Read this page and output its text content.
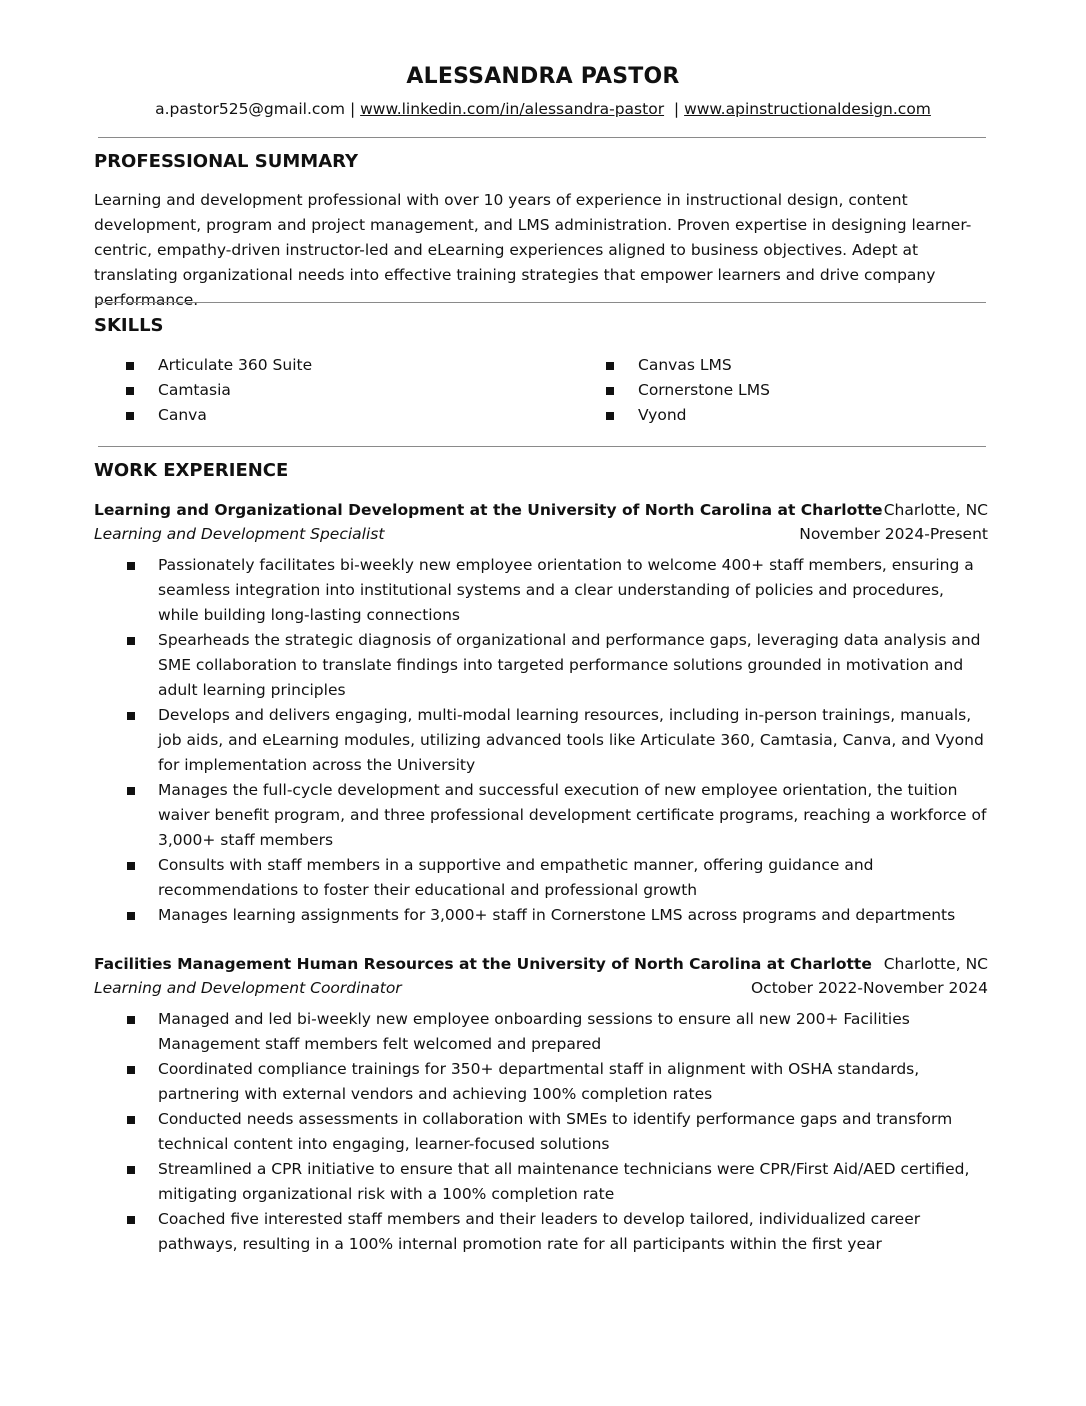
ALESSANDRA PASTOR
a.pastor525@gmail.com | www.linkedin.com/in/alessandra-pastor  | www.apinstructionaldesign.com
PROFESSIONAL SUMMARY
Learning and development professional with over 10 years of experience in instructional design, content development, program and project management, and LMS administration. Proven expertise in designing learner-centric, empathy-driven instructor-led and eLearning experiences aligned to business objectives. Adept at translating organizational needs into effective training strategies that empower learners and drive company performance.
SKILLS
Articulate 360 Suite
Camtasia
Canva
Canvas LMS
Cornerstone LMS
Vyond
WORK EXPERIENCE
Learning and Organizational Development at the University of North Carolina at Charlotte Charlotte, NC
Learning and Development Specialist	November 2024-Present
Passionately facilitates bi-weekly new employee orientation to welcome 400+ staff members, ensuring a seamless integration into institutional systems and a clear understanding of policies and procedures, while building long-lasting connections
Spearheads the strategic diagnosis of organizational and performance gaps, leveraging data analysis and SME collaboration to translate findings into targeted performance solutions grounded in motivation and adult learning principles
Develops and delivers engaging, multi-modal learning resources, including in-person trainings, manuals, job aids, and eLearning modules, utilizing advanced tools like Articulate 360, Camtasia, Canva, and Vyond for implementation across the University
Manages the full-cycle development and successful execution of new employee orientation, the tuition waiver benefit program, and three professional development certificate programs, reaching a workforce of 3,000+ staff members
Consults with staff members in a supportive and empathetic manner, offering guidance and recommendations to foster their educational and professional growth
Manages learning assignments for 3,000+ staff in Cornerstone LMS across programs and departments
Facilities Management Human Resources at the University of North Carolina at Charlotte Charlotte, NC
Learning and Development Coordinator	October 2022-November 2024
Managed and led bi-weekly new employee onboarding sessions to ensure all new 200+ Facilities Management staff members felt welcomed and prepared
Coordinated compliance trainings for 350+ departmental staff in alignment with OSHA standards, partnering with external vendors and achieving 100% completion rates
Conducted needs assessments in collaboration with SMEs to identify performance gaps and transform technical content into engaging, learner-focused solutions
Streamlined a CPR initiative to ensure that all maintenance technicians were CPR/First Aid/AED certified, mitigating organizational risk with a 100% completion rate
Coached five interested staff members and their leaders to develop tailored, individualized career pathways, resulting in a 100% internal promotion rate for all participants within the first year
